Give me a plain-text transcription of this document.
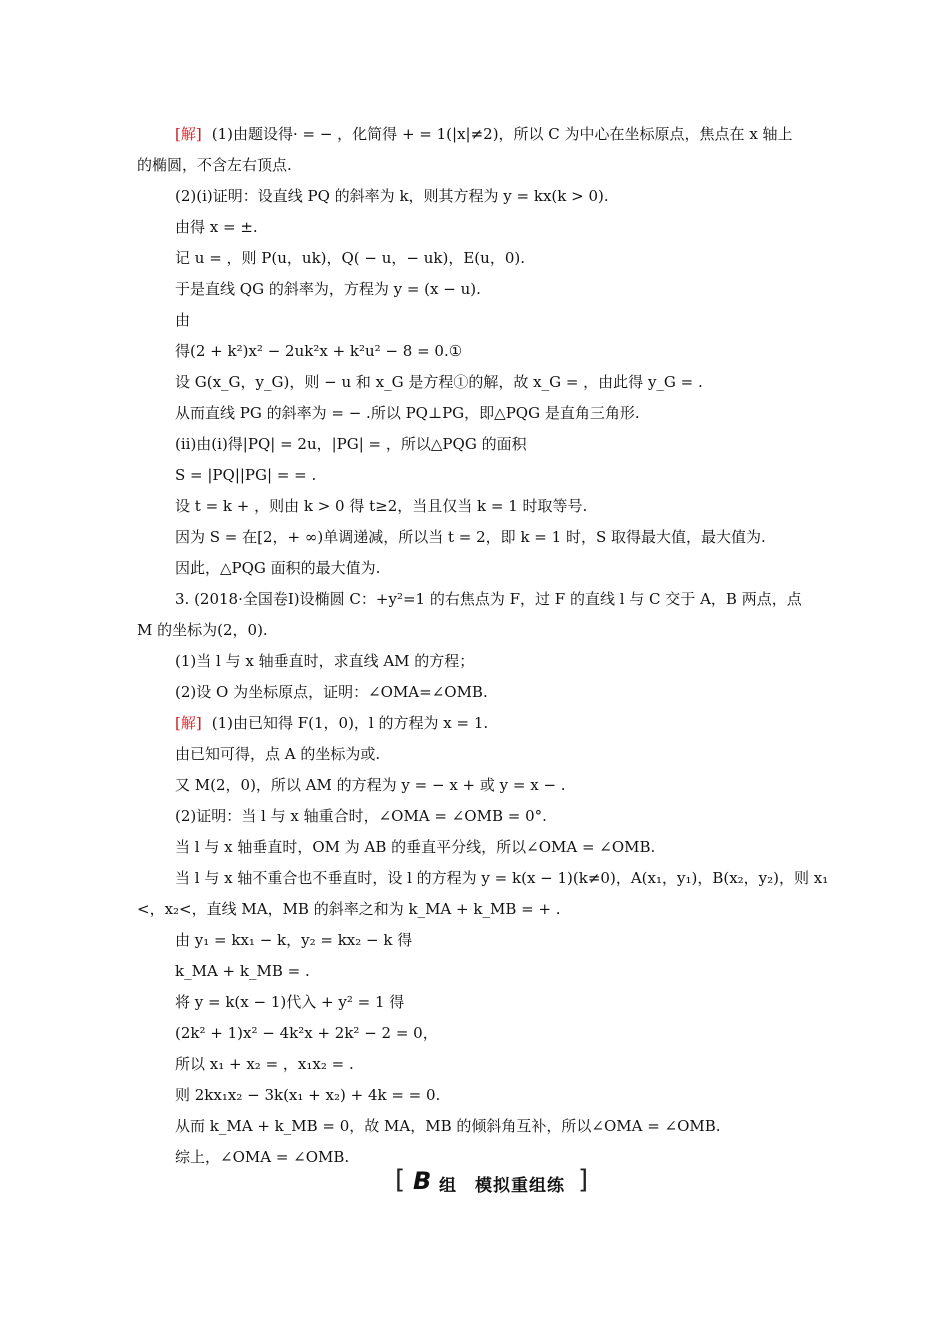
[解] (1)由题设得· = − ，化简得 + = 1(|x|≠2)，所以 C 为中心在坐标原点，焦点在 x 轴上
的椭圆，不含左右顶点.
(2)(ⅰ)证明：设直线 PQ 的斜率为 k，则其方程为 y = kx(k > 0).
由得 x = ±.
记 u = ，则 P(u，uk)，Q( − u，− uk)，E(u，0).
于是直线 QG 的斜率为，方程为 y = (x − u).
由
得(2 + k²)x² − 2uk²x + k²u² − 8 = 0.①
设 G(x_G，y_G)，则 − u 和 x_G 是方程①的解，故 x_G = ，由此得 y_G = .
从而直线 PG 的斜率为 = − .所以 PQ⊥PG，即△PQG 是直角三角形.
(ⅱ)由(ⅰ)得|PQ| = 2u，|PG| = ，所以△PQG 的面积
S = |PQ||PG| = = .
设 t = k + ，则由 k > 0 得 t≥2，当且仅当 k = 1 时取等号.
因为 S = 在[2，+ ∞)单调递减，所以当 t = 2，即 k = 1 时，S 取得最大值，最大值为.
因此，△PQG 面积的最大值为.
3. (2018·全国卷Ⅰ)设椭圆 C：+y²=1 的右焦点为 F，过 F 的直线 l 与 C 交于 A，B 两点，点
M 的坐标为(2，0).
(1)当 l 与 x 轴垂直时，求直线 AM 的方程；
(2)设 O 为坐标原点，证明：∠OMA=∠OMB.
[解] (1)由已知得 F(1，0)，l 的方程为 x = 1.
由已知可得，点 A 的坐标为或.
又 M(2，0)，所以 AM 的方程为 y = − x + 或 y = x − .
(2)证明：当 l 与 x 轴重合时，∠OMA = ∠OMB = 0°.
当 l 与 x 轴垂直时，OM 为 AB 的垂直平分线，所以∠OMA = ∠OMB.
当 l 与 x 轴不重合也不垂直时，设 l 的方程为 y = k(x − 1)(k≠0)，A(x₁，y₁)，B(x₂，y₂)，则 x₁
<，x₂<，直线 MA，MB 的斜率之和为 k_MA + k_MB = + .
由 y₁ = kx₁ − k，y₂ = kx₂ − k 得
k_MA + k_MB = .
将 y = k(x − 1)代入 + y² = 1 得
(2k² + 1)x² − 4k²x + 2k² − 2 = 0，
所以 x₁ + x₂ = ，x₁x₂ = .
则 2kx₁x₂ − 3k(x₁ + x₂) + 4k = = 0.
从而 k_MA + k_MB = 0，故 MA，MB 的倾斜角互补，所以∠OMA = ∠OMB.
综上，∠OMA = ∠OMB.
[ B 组　模拟重组练 ]
